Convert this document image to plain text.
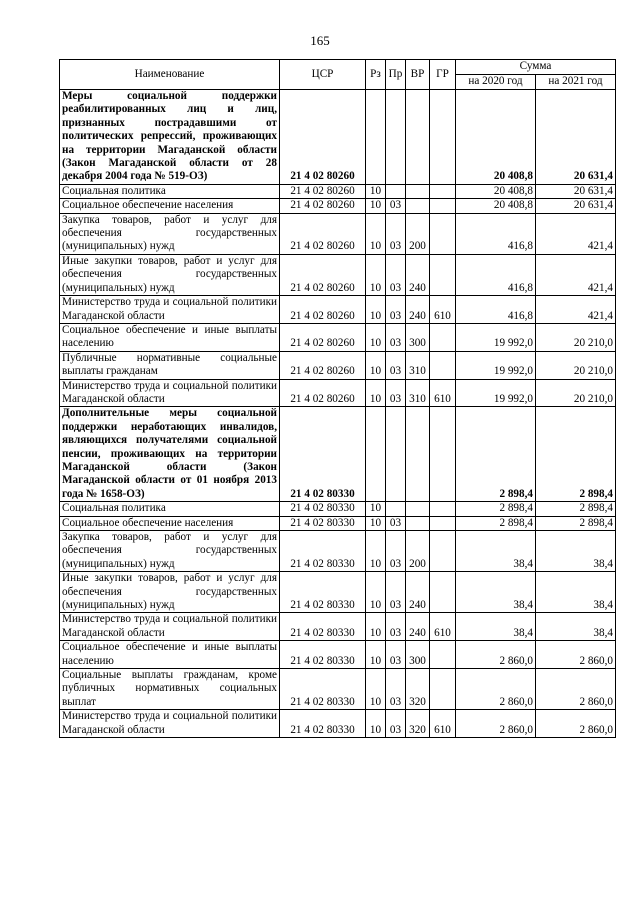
165
Наименование	ЦСР	Рз	Пр	ВР	ГР	Сумма	
						на 2020 год	на 2021 год
Меры социальной поддержки реабилитированных лиц и лиц, признанных пострадавшими от политических репрессий, проживающих на территории Магаданской области (Закон Магаданской области от 28 декабря 2004 года № 519-ОЗ)	21 4 02 80260					20 408,8	20 631,4
Социальная политика	21 4 02 80260	10				20 408,8	20 631,4
Социальное обеспечение населения	21 4 02 80260	10	03			20 408,8	20 631,4
Закупка товаров, работ и услуг для обеспечения государственных (муниципальных) нужд	21 4 02 80260	10	03	200		416,8	421,4
Иные закупки товаров, работ и услуг для обеспечения государственных (муниципальных) нужд	21 4 02 80260	10	03	240		416,8	421,4
Министерство труда и социальной политики Магаданской области	21 4 02 80260	10	03	240	610	416,8	421,4
Социальное обеспечение и иные выплаты населению	21 4 02 80260	10	03	300		19 992,0	20 210,0
Публичные нормативные социальные выплаты гражданам	21 4 02 80260	10	03	310		19 992,0	20 210,0
Министерство труда и социальной политики Магаданской области	21 4 02 80260	10	03	310	610	19 992,0	20 210,0
Дополнительные меры социальной поддержки неработающих инвалидов, являющихся получателями социальной пенсии, проживающих на территории Магаданской области (Закон Магаданской области от 01 ноября 2013 года № 1658-ОЗ)	21 4 02 80330					2 898,4	2 898,4
Социальная политика	21 4 02 80330	10				2 898,4	2 898,4
Социальное обеспечение населения	21 4 02 80330	10	03			2 898,4	2 898,4
Закупка товаров, работ и услуг для обеспечения государственных (муниципальных) нужд	21 4 02 80330	10	03	200		38,4	38,4
Иные закупки товаров, работ и услуг для обеспечения государственных (муниципальных) нужд	21 4 02 80330	10	03	240		38,4	38,4
Министерство труда и социальной политики Магаданской области	21 4 02 80330	10	03	240	610	38,4	38,4
Социальное обеспечение и иные выплаты населению	21 4 02 80330	10	03	300		2 860,0	2 860,0
Социальные выплаты гражданам, кроме публичных нормативных социальных выплат	21 4 02 80330	10	03	320		2 860,0	2 860,0
Министерство труда и социальной политики Магаданской области	21 4 02 80330	10	03	320	610	2 860,0	2 860,0
